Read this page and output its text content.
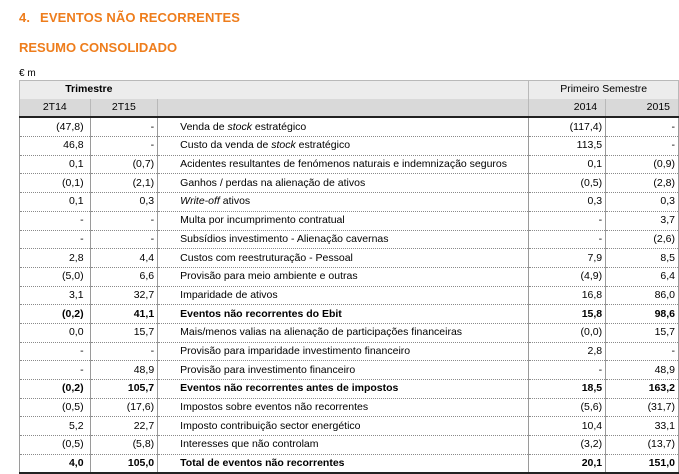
4. EVENTOS NÃO RECORRENTES
RESUMO CONSOLIDADO
€ m
Trimestre			Primeiro Semestre	
2T14	2T15		2014	2015
(47,8)	-	Venda de stock estratégico	(117,4)	-
46,8	-	Custo da venda de stock estratégico	113,5	-
0,1	(0,7)	Acidentes resultantes de fenómenos naturais e indemnização seguros	0,1	(0,9)
(0,1)	(2,1)	Ganhos / perdas na alienação de ativos	(0,5)	(2,8)
0,1	0,3	Write-off ativos	0,3	0,3
-	-	Multa por incumprimento contratual	-	3,7
-	-	Subsídios investimento - Alienação cavernas	-	(2,6)
2,8	4,4	Custos com reestruturação - Pessoal	7,9	8,5
(5,0)	6,6	Provisão para meio ambiente e outras	(4,9)	6,4
3,1	32,7	Imparidade de ativos	16,8	86,0
(0,2)	41,1	Eventos não recorrentes do Ebit	15,8	98,6
0,0	15,7	Mais/menos valias na alienação de participações financeiras	(0,0)	15,7
-	-	Provisão para imparidade investimento financeiro	2,8	-
-	48,9	Provisão para investimento financeiro	-	48,9
(0,2)	105,7	Eventos não recorrentes antes de impostos	18,5	163,2
(0,5)	(17,6)	Impostos sobre eventos não recorrentes	(5,6)	(31,7)
5,2	22,7	Imposto contribuição sector energético	10,4	33,1
(0,5)	(5,8)	Interesses que não controlam	(3,2)	(13,7)
4,0	105,0	Total de eventos não recorrentes	20,1	151,0
